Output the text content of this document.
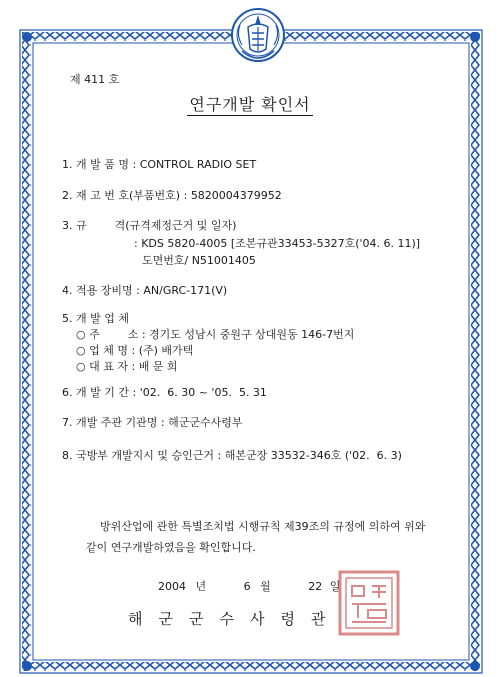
제 411 호
연구개발 확인서
1. 개 발 품 명 : CONTROL RADIO SET
2. 재 고 번 호(부품번호) : 5820004379952
3. 규        격(규격제정근거 및 일자)
: KDS 5820-4005 [조본규관33453-5327호('04. 6. 11)]
도면번호/ N51001405
4. 적용 장비명 : AN/GRC-171(V)
5. 개 발 업 체
○ 주        소 : 경기도 성남시 중원구 상대원동 146-7번지
○ 업 체 명 : (주) 배가텍
○ 대 표 자 : 배 문 희
6. 개 발 기 간 : '02.  6. 30 ~ '05.  5. 31
7. 개발 주관 기관명 : 해군군수사령부
8. 국방부 개발지시 및 승인근거 : 해본군장 33532-346호 ('02.  6. 3)
방위산업에 관한 특별조치법 시행규칙 제39조의 규정에 의하여 위와
같이 연구개발하였음을 확인합니다.
2004 년	6 월	22 일
해군군수사령관
